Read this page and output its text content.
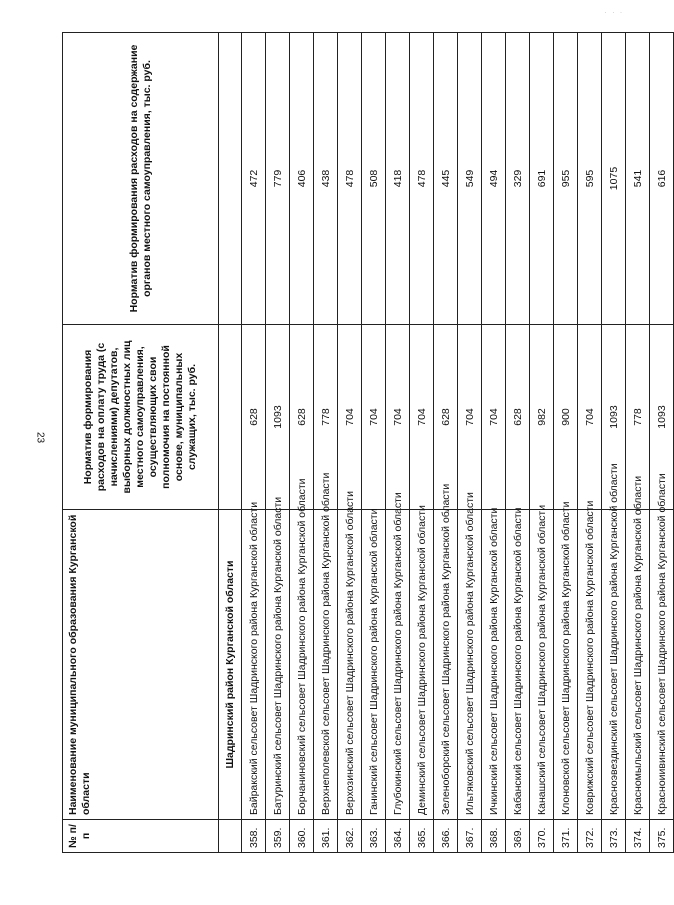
23
№ п/п	Наименование муниципального образования Курганской области	Норматив формирования расходов на оплату труда (с начислениями) депутатов, выборных должностных лиц местного самоуправления, осуществляющих свои полномочия на постоянной основе, муниципальных служащих, тыс. руб.	Норматив формирования расходов на содержание органов местного самоуправления, тыс. руб.
	Шадринский район Курганской области		
358.	Байракский сельсовет Шадринского района Курганской области	628	472
359.	Батуринский сельсовет Шадринского района Курганской области	1093	779
360.	Борчаниновский сельсовет Шадринского района Курганской области	628	406
361.	Верхнеполевской сельсовет Шадринского района Курганской области	778	438
362.	Верхозинский сельсовет Шадринского района Курганской области	704	478
363.	Ганинский сельсовет Шадринского района Курганской области	704	508
364.	Глубокинский сельсовет Шадринского района Курганской области	704	418
365.	Деминский сельсовет Шадринского района Курганской области	704	478
366.	Зеленоборский сельсовет Шадринского района Курганской области	628	445
367.	Ильтяковский сельсовет Шадринского района Курганской области	704	549
368.	Ичкинский сельсовет Шадринского района Курганской области	704	494
369.	Кабанский сельсовет Шадринского района Курганской области	628	329
370.	Канашский сельсовет Шадринского района Курганской области	982	691
371.	Клоновской сельсовет Шадринского района Курганской области	900	955
372.	Коврижский сельсовет Шадринского района Курганской области	704	595
373.	Красноэвездинский сельсовет Шадринского района Курганской области	1093	1075
374.	Красномыльский сельсовет Шадринского района Курганской области	778	541
375.	Красноиивинский сельсовет Шадринского района Курганской области	1093	616
· · ·
